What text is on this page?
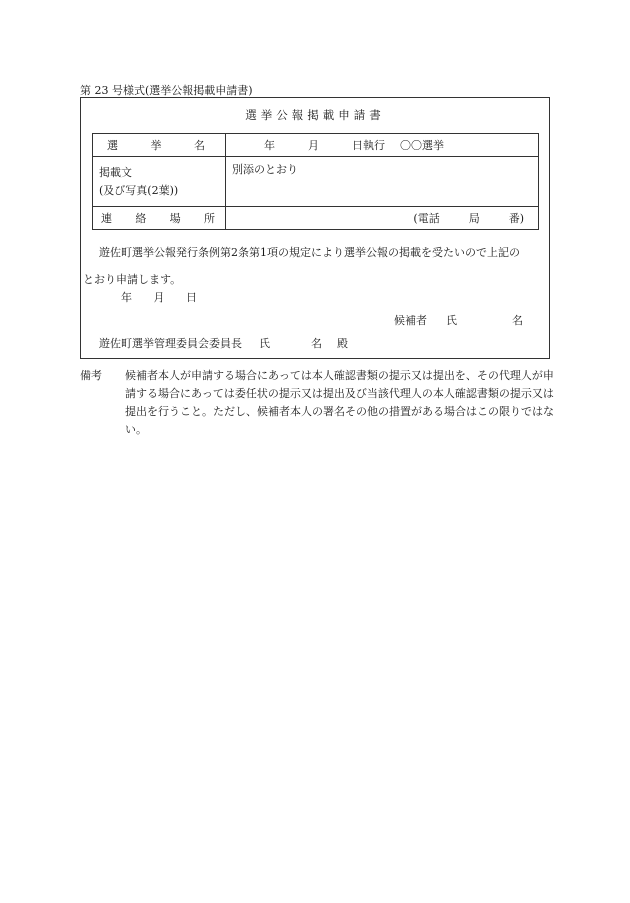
第 23 号様式(選挙公報掲載申請書)
選挙公報掲載申請書
選 挙 名	年 月 日執行 〇〇選挙

掲載文
(及び写真(2葉))	別添のとおり

連 絡 場 所	(電話 局 番)
遊佐町選挙公報発行条例第2条第1項の規定により選挙公報の掲載を受たいので上記の
とおり申請します。
年 月 日
候補者 氏	名
遊佐町選挙管理委員会委員長 氏	名 殿
備考 候補者本人が申請する場合にあっては本人確認書類の提示又は提出を、その代理人が申請する場合にあっては委任状の提示又は提出及び当該代理人の本人確認書類の提示又は提出を行うこと。ただし、候補者本人の署名その他の措置がある場合はこの限りではない。
